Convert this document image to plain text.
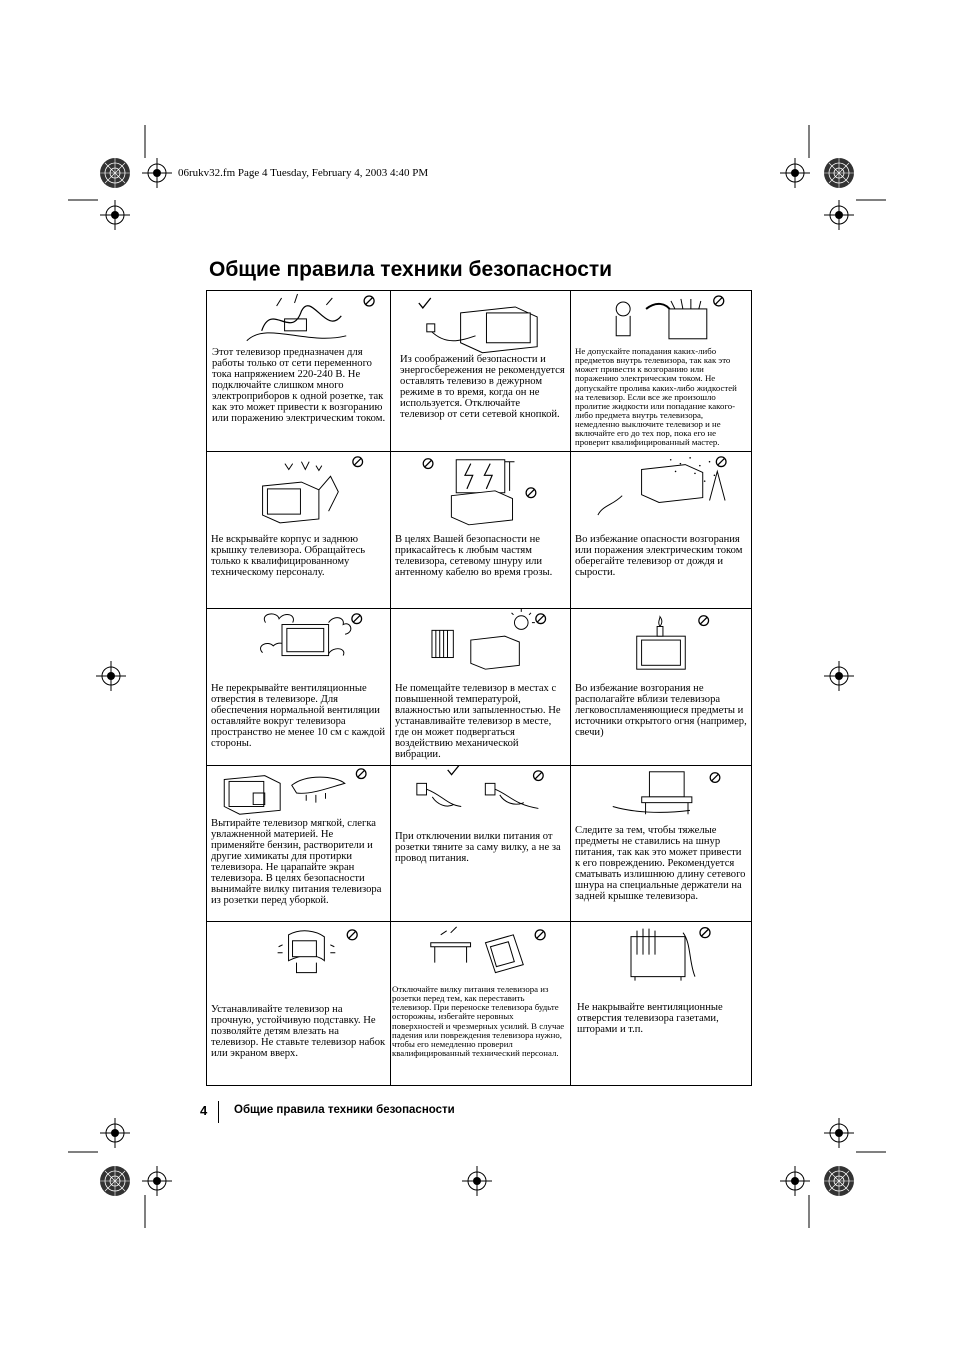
06rukv32.fm Page 4 Tuesday, February 4, 2003 4:40 PM
Общие правила техники безопасности
Этот телевизор предназначен для работы только от сети переменного тока напряжением 220-240 В. Не подключайте слишком много электроприборов к одной розетке, так как это может привести к возгоранию или поражению электрическим током.
Из соображений безопасности и энергосбережения не рекомендуется оставлять телевизо в дежурном режиме в то время, когда он не используется. Отключайте телевизор от сети сетевой кнопкой.
Не допускайте попадания каких-либо предметов внутрь телевизора, так как это может привести к возгоранию или поражению электрическим током. Не допускайте пролива каких-либо жидкостей на телевизор. Если все же произошло пролитие жидкости или попадание какого-либо предмета внутрь телевизора, немедленно выключите телевизор и не включайте его до тех пор, пока его не проверит квалифицированный мастер.
Не вскрывайте корпус и заднюю крышку телевизора. Обращайтесь только к квалифицированному техническому персоналу.
В целях Вашей безопасности не прикасайтесь к любым частям телевизора, сетевому шнуру или антенному кабелю во время грозы.
Во избежание опасности возгорания или поражения электрическим током оберегайте телевизор от дождя и сырости.
Не перекрывайте вентиляционные отверстия в телевизоре. Для обеспечения нормальной вентиляции оставляйте вокруг телевизора пространство не менее 10 см с каждой стороны.
Не помещайте телевизор в местах с повышенной температурой, влажностью или запыленностью. Не устанавливайте телевизор в месте, где он может подвергаться воздействию механической вибрации.
Во избежание возгорания не располагайте вблизи телевизора легковоспламеняющиеся предметы и источники открытого огня (например, свечи)
Вытирайте телевизор мягкой, слегка увлажненной материей. Не применяйте бензин, растворители и другие химикаты для протирки телевизора. Не царапайте экран телевизора. В целях безопасности вынимайте вилку питания телевизора из розетки перед уборкой.
При отключении вилки питания от розетки тяните за саму вилку, а не за провод питания.
Следите за тем, чтобы тяжелые предметы не ставились на шнур питания, так как это может привести к его повреждению. Рекомендуется сматывать излишнюю длину сетевого шнура на специальные держатели на задней крышке телевизора.
Устанавливайте телевизор на прочную, устойчивую подставку. Не позволяйте детям влезать на телевизор. Не ставьте телевизор набок или экраном вверх.
Отключайте вилку питания телевизора из розетки перед тем, как переставить телевизор. При переноске телевизора будьте осторожны, избегайте неровных поверхностей и чрезмерных усилий. В случае падения или повреждения телевизора нужно, чтобы его немедленно проверил квалифицированный технический персонал.
Не накрывайте вентиляционные отверстия телевизора газетами, шторами и т.п.
4 Общие правила техники безопасности
